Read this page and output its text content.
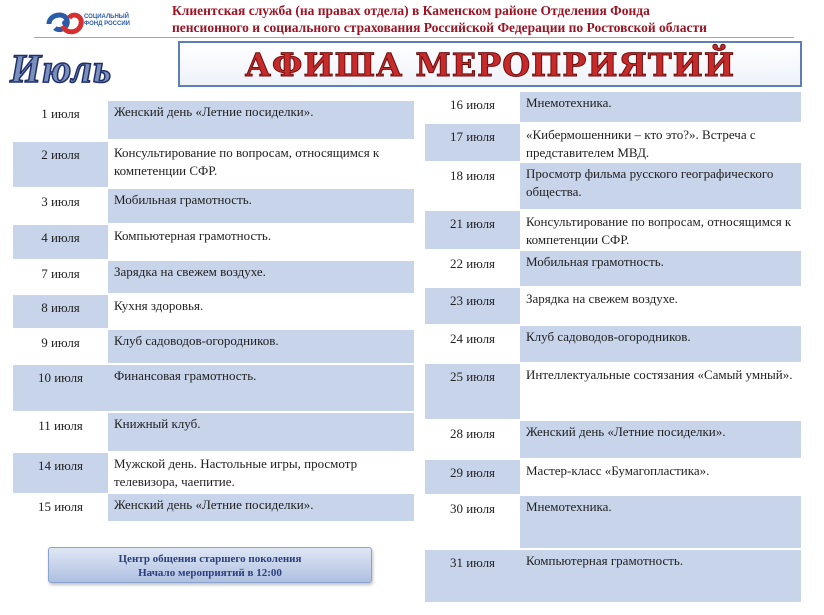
СОЦИАЛЬНЫЙ
ФОНД РОССИИ
Клиентская служба (на правах отдела) в Каменском районе Отделения Фонда
пенсионного и социального страхования Российской Федерации по Ростовской области
Июль	АФИША МЕРОПРИЯТИЙ
1 июля	Женский день «Летние посиделки».
2 июля	Консультирование по вопросам, относящимся к компетенции СФР.
3 июля	Мобильная грамотность.
4 июля	Компьютерная грамотность.
7 июля	Зарядка на свежем воздухе.
8 июля	Кухня здоровья.
9 июля	Клуб садоводов-огородников.
10 июля	Финансовая грамотность.
11 июля	Книжный клуб.
14 июля	Мужской день. Настольные игры, просмотр телевизора, чаепитие.
15 июля	Женский день «Летние посиделки».
16 июля	Мнемотехника.
17 июля	«Кибермошенники – кто это?». Встреча с представителем МВД.
18 июля	Просмотр фильма русского географического общества.
21 июля	Консультирование по вопросам, относящимся к компетенции СФР.
22 июля	Мобильная грамотность.
23 июля	Зарядка на свежем воздухе.
24 июля	Клуб садоводов-огородников.
25 июля	Интеллектуальные состязания «Самый умный».
28 июля	Женский день «Летние посиделки».
29 июля	Мастер-класс «Бумагопластика».
30 июля	Мнемотехника.
31 июля	Компьютерная грамотность.
Центр общения старшего поколения
Начало мероприятий в 12:00
